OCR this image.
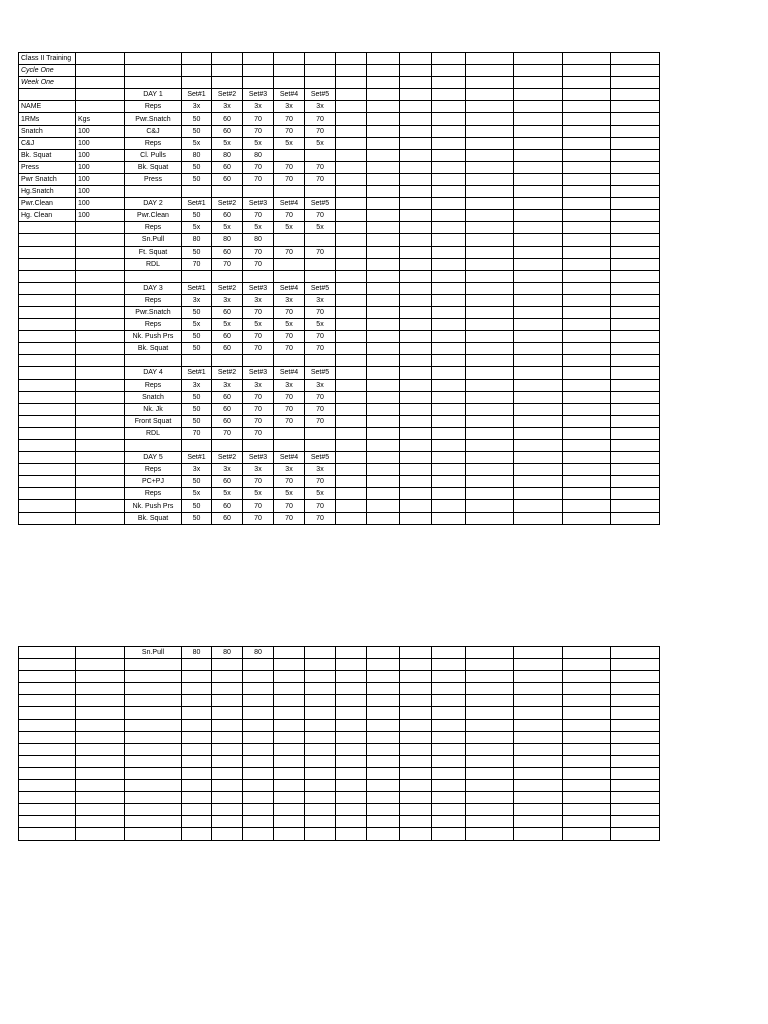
Class II Training															
Cycle One															
Week One															
		DAY 1	Set#1	Set#2	Set#3	Set#4	Set#5								
NAME		Reps	3x	3x	3x	3x	3x								
1RMs	Kgs	Pwr.Snatch	50	60	70	70	70								
Snatch	100	C&J	50	60	70	70	70								
C&J	100	Reps	5x	5x	5x	5x	5x								
Bk. Squat	100	Cl. Pulls	80	80	80										
Press	100	Bk. Squat	50	60	70	70	70								
Pwr Snatch	100	Press	50	60	70	70	70								
Hg.Snatch	100														
Pwr.Clean	100	DAY 2	Set#1	Set#2	Set#3	Set#4	Set#5								
Hg. Clean	100	Pwr.Clean	50	60	70	70	70								
		Reps	5x	5x	5x	5x	5x								
		Sn.Pull	80	80	80										
		Ft. Squat	50	60	70	70	70								
		RDL	70	70	70										

		DAY 3	Set#1	Set#2	Set#3	Set#4	Set#5								
		Reps	3x	3x	3x	3x	3x								
		Pwr.Snatch	50	60	70	70	70								
		Reps	5x	5x	5x	5x	5x								
		Nk. Push Prs	50	60	70	70	70								
		Bk. Squat	50	60	70	70	70								

		DAY 4	Set#1	Set#2	Set#3	Set#4	Set#5								
		Reps	3x	3x	3x	3x	3x								
		Snatch	50	60	70	70	70								
		Nk. Jk	50	60	70	70	70								
		Front Squat	50	60	70	70	70								
		RDL	70	70	70										

		DAY 5	Set#1	Set#2	Set#3	Set#4	Set#5								
		Reps	3x	3x	3x	3x	3x								
		PC+PJ	50	60	70	70	70								
		Reps	5x	5x	5x	5x	5x								
		Nk. Push Prs	50	60	70	70	70								
		Bk. Squat	50	60	70	70	70								
		Sn.Pull	80	80	80										
